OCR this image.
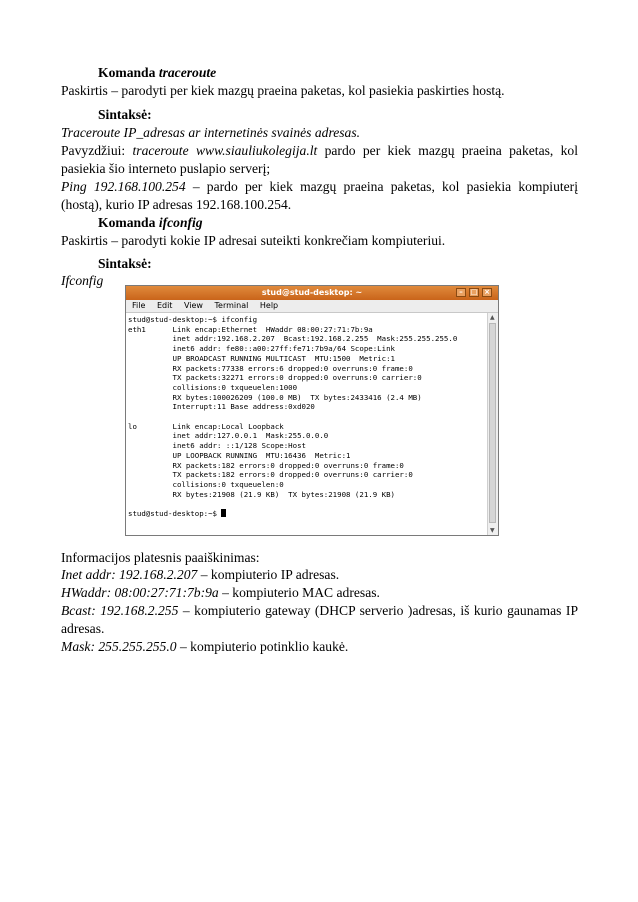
Komanda traceroute

Paskirtis – parodyti per kiek mazgų praeina paketas, kol pasiekia paskirties hostą.

Sintaksė:

Traceroute IP_adresas ar internetinės svainės adresas.

Pavyzdžiui: traceroute www.siauliukolegija.lt pardo per kiek mazgų praeina paketas, kol pasiekia šio interneto puslapio serverį;

Ping 192.168.100.254 – pardo per kiek mazgų praeina paketas, kol pasiekia kompiuterį (hostą), kurio IP adresas 192.168.100.254.

Komanda ifconfig

Paskirtis – parodyti kokie IP adresai suteikti konkrečiam kompiuteriui.

Sintaksė:

Ifconfig

stud@stud-desktop: ~	–	□ ×
File Edit View Terminal Help
stud@stud-desktop:~$ ifconfig
eth1      Link encap:Ethernet  HWaddr 08:00:27:71:7b:9a
inet addr:192.168.2.207  Bcast:192.168.2.255  Mask:255.255.255.0
inet6 addr: fe80::a00:27ff:fe71:7b9a/64 Scope:Link
UP BROADCAST RUNNING MULTICAST  MTU:1500  Metric:1
RX packets:77338 errors:6 dropped:0 overruns:0 frame:0
TX packets:32271 errors:0 dropped:0 overruns:0 carrier:0
collisions:0 txqueuelen:1000
RX bytes:100026209 (100.0 MB)  TX bytes:2433416 (2.4 MB)
Interrupt:11 Base address:0xd020

lo        Link encap:Local Loopback
inet addr:127.0.0.1  Mask:255.0.0.0
inet6 addr: ::1/128 Scope:Host
UP LOOPBACK RUNNING  MTU:16436  Metric:1
RX packets:182 errors:0 dropped:0 overruns:0 frame:0
TX packets:182 errors:0 dropped:0 overruns:0 carrier:0
collisions:0 txqueuelen:0
RX bytes:21908 (21.9 KB)  TX bytes:21908 (21.9 KB)

stud@stud-desktop:~$
▲
▼

Informacijos platesnis paaiškinimas:

Inet addr: 192.168.2.207 – kompiuterio IP adresas.

HWaddr: 08:00:27:71:7b:9a – kompiuterio MAC adresas.

Bcast: 192.168.2.255 – kompiuterio gateway (DHCP serverio )adresas, iš kurio gaunamas IP adresas.

Mask: 255.255.255.0 – kompiuterio potinklio kaukė.
